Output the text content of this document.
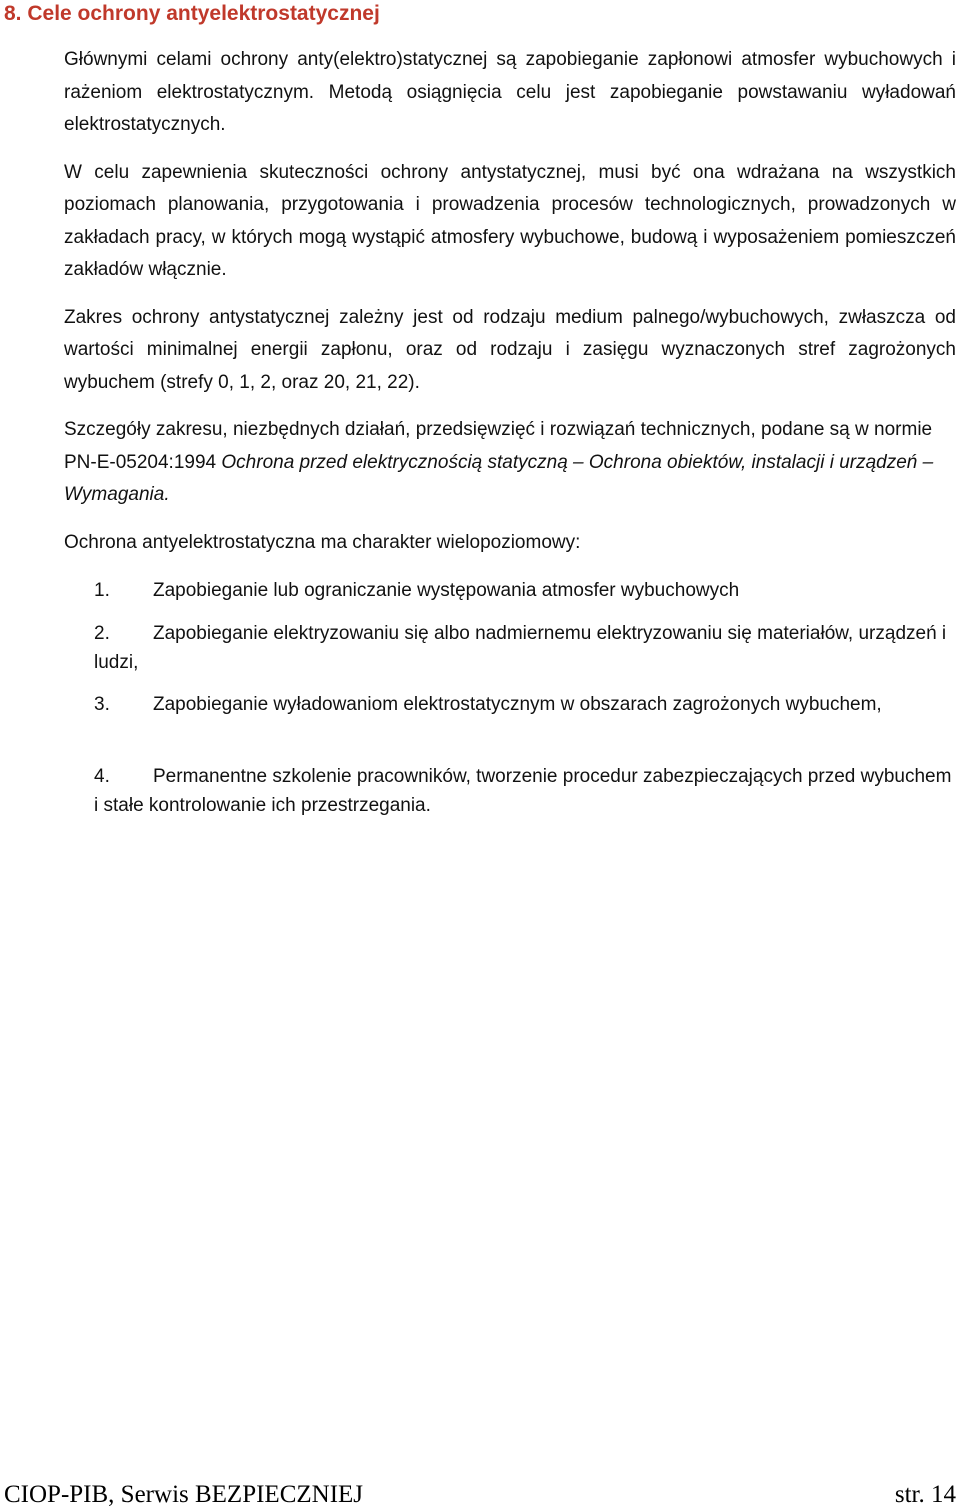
8. Cele ochrony antyelektrostatycznej

Głównymi celami ochrony anty(elektro)statycznej są zapobieganie zapłonowi atmosfer wybuchowych i rażeniom elektrostatycznym. Metodą osiągnięcia celu jest zapobieganie powstawaniu wyładowań elektrostatycznych.

W celu zapewnienia skuteczności ochrony antystatycznej, musi być ona wdrażana na wszystkich poziomach planowania, przygotowania i prowadzenia procesów technologicznych, prowadzonych w zakładach pracy, w których mogą wystąpić atmosfery wybuchowe, budową i wyposażeniem pomieszczeń zakładów włącznie.

Zakres ochrony antystatycznej zależny jest od rodzaju medium palnego/wybuchowych, zwłaszcza od wartości minimalnej energii zapłonu, oraz od rodzaju i zasięgu wyznaczonych stref zagrożonych wybuchem (strefy 0, 1, 2, oraz 20, 21, 22).

Szczegóły zakresu, niezbędnych działań, przedsięwzięć i rozwiązań technicznych, podane są w normie PN-E-05204:1994 Ochrona przed elektrycznością statyczną – Ochrona obiektów, instalacji i urządzeń – Wymagania.

Ochrona antyelektrostatyczna ma charakter wielopoziomowy:

1. Zapobieganie lub ograniczanie występowania atmosfer wybuchowych
2. Zapobieganie elektryzowaniu się albo nadmiernemu elektryzowaniu się materiałów, urządzeń i ludzi,
3. Zapobieganie wyładowaniom elektrostatycznym w obszarach zagrożonych wybuchem,
4. Permanentne szkolenie pracowników, tworzenie procedur zabezpieczających przed wybuchem i stałe kontrolowanie ich przestrzegania.
CIOP-PIB, Serwis BEZPIECZNIEJ	str. 14
